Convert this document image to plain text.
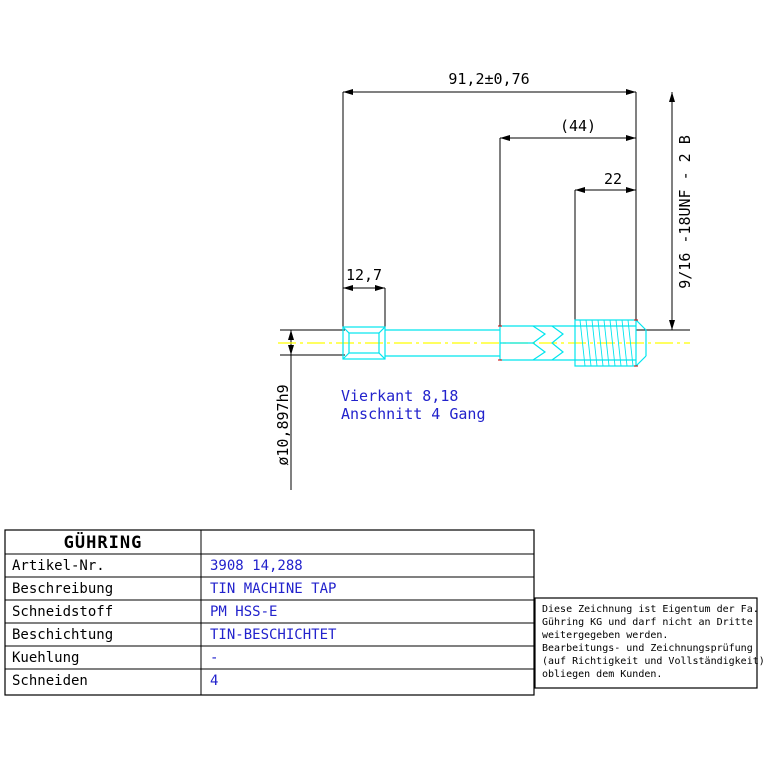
91,2±0,76
(44)
22
12,7	9/16 -18UNF - 2 B
ø10,897h9	Vierkant 8,18
Anschnitt 4 Gang
GÜHRING
Artikel-Nr.	3908 14,288
Beschreibung	TIN MACHINE TAP
Schneidstoff	PM HSS-E
Beschichtung	TIN-BESCHICHTET
Kuehlung	-
Schneiden	4
Diese Zeichnung ist Eigentum der Fa.
Gühring KG und darf nicht an Dritte
weitergegeben werden.
Bearbeitungs- und Zeichnungsprüfung
(auf Richtigkeit und Vollständigkeit)
obliegen dem Kunden.
